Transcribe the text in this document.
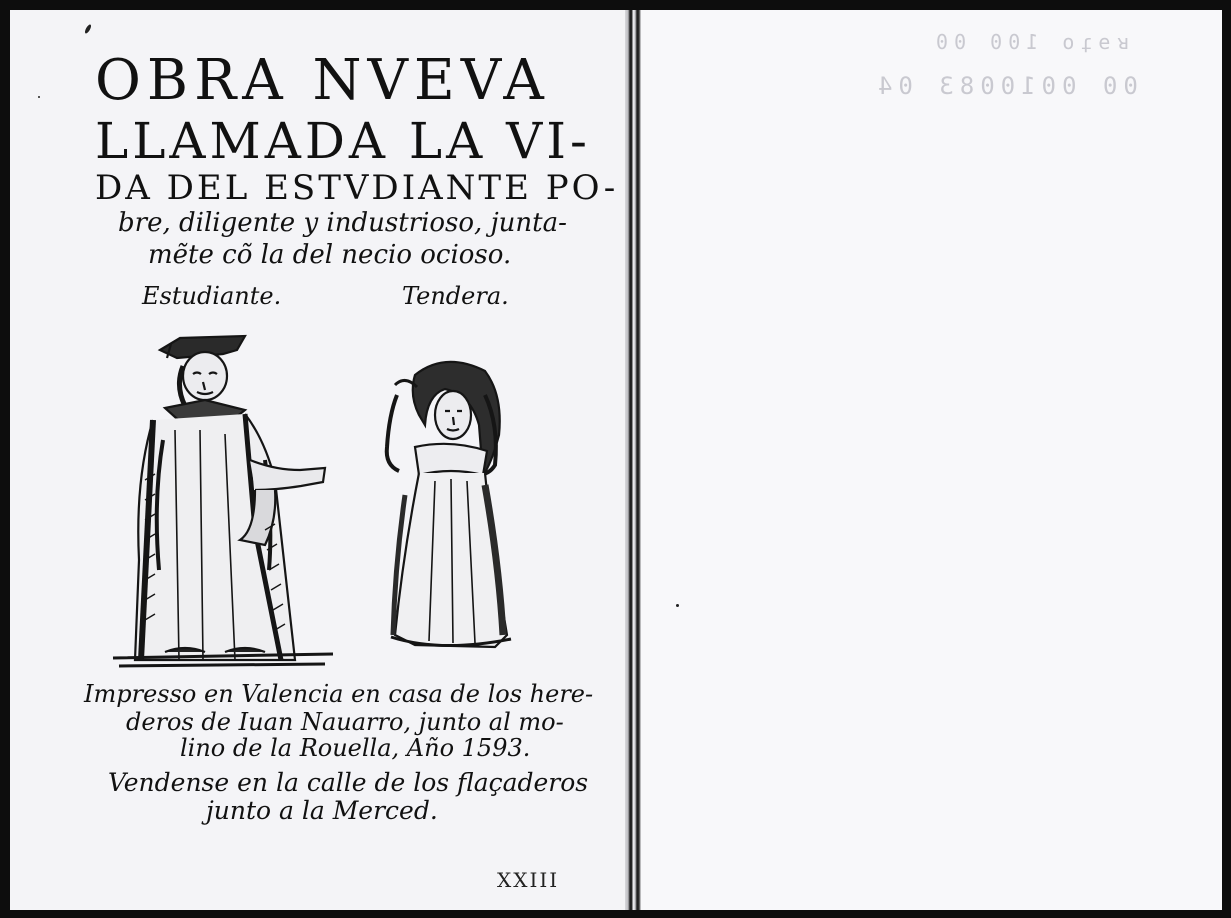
ʁɘʇo 100 00
00 0010083 04
OBRA NVEVA
LLAMADA LA VI-
DA DEL ESTVDIANTE PO-
bre, diligente y industrioso, junta-
mẽte cõ la del necio ocioso.
Estudiante.	Tendera.
Impresso en Valencia en casa de los here-
deros de Iuan Nauarro, junto al mo-
lino de la Rouella, Año 1593.
Vendense en la calle de los flaçaderos
junto a la Merced.
XXIII
